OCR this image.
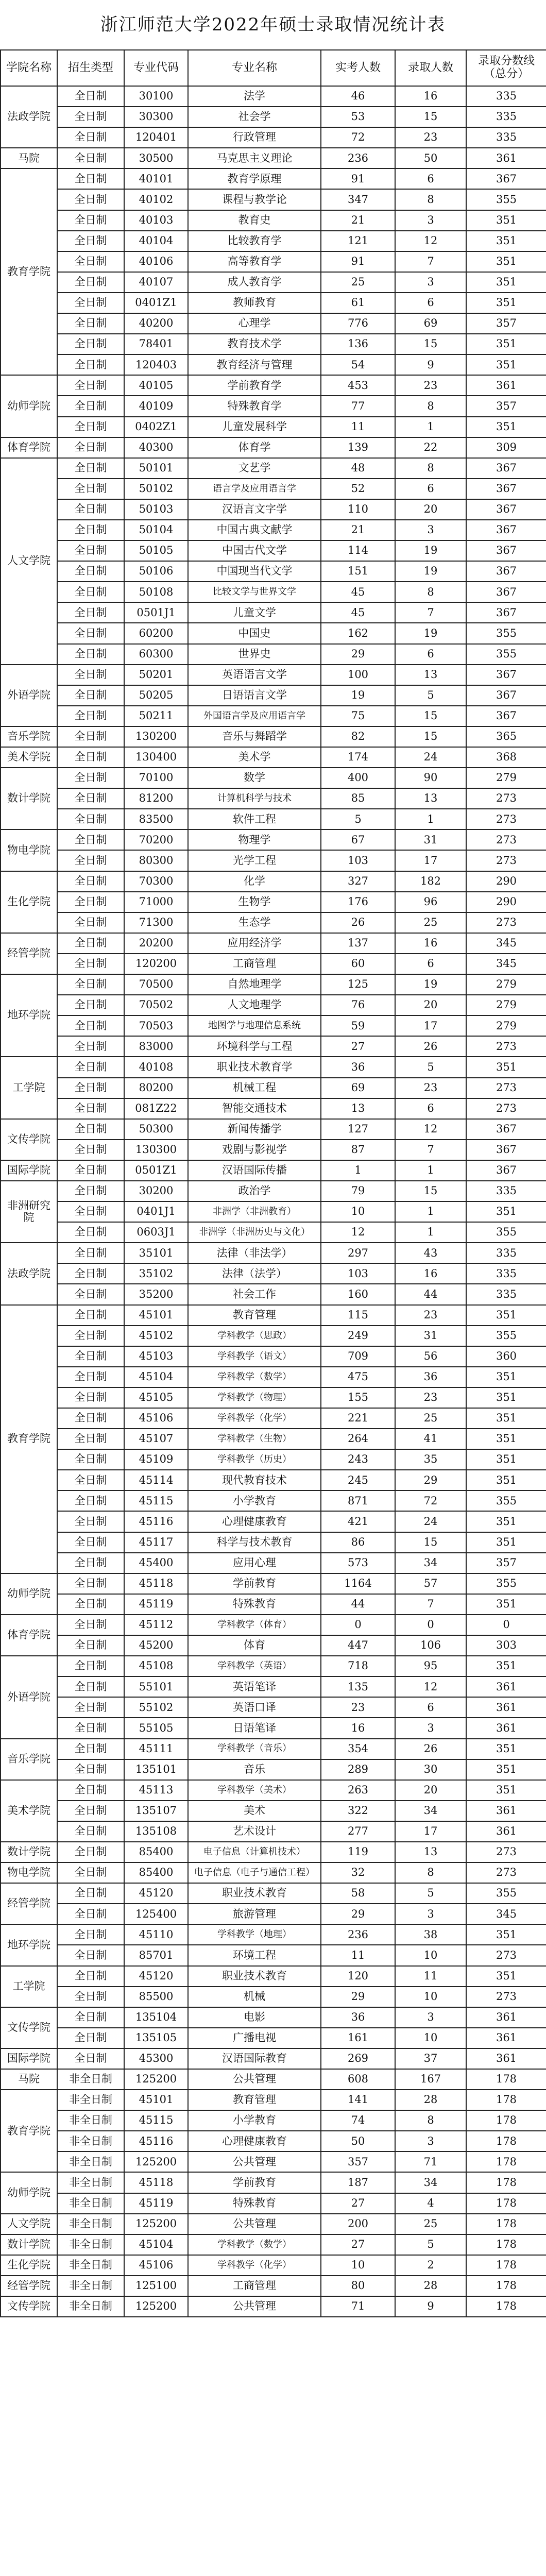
浙江师范大学2022年硕士录取情况统计表
学院名称	招生类型	专业代码	专业名称	实考人数	录取人数	录取分数线（总分）
法政学院	全日制	30100	法学	46	16	335
	全日制	30300	社会学	53	15	335
	全日制	120401	行政管理	72	23	335
马院	全日制	30500	马克思主义理论	236	50	361
教育学院	全日制	40101	教育学原理	91	6	367
	全日制	40102	课程与教学论	347	8	355
	全日制	40103	教育史	21	3	351
	全日制	40104	比较教育学	121	12	351
	全日制	40106	高等教育学	91	7	351
	全日制	40107	成人教育学	25	3	351
	全日制	0401Z1	教师教育	61	6	351
	全日制	40200	心理学	776	69	357
	全日制	78401	教育技术学	136	15	351
	全日制	120403	教育经济与管理	54	9	351
幼师学院	全日制	40105	学前教育学	453	23	361
	全日制	40109	特殊教育学	77	8	357
	全日制	0402Z1	儿童发展科学	11	1	351
体育学院	全日制	40300	体育学	139	22	309
人文学院	全日制	50101	文艺学	48	8	367
	全日制	50102	语言学及应用语言学	52	6	367
	全日制	50103	汉语言文字学	110	20	367
	全日制	50104	中国古典文献学	21	3	367
	全日制	50105	中国古代文学	114	19	367
	全日制	50106	中国现当代文学	151	19	367
	全日制	50108	比较文学与世界文学	45	8	367
	全日制	0501J1	儿童文学	45	7	367
	全日制	60200	中国史	162	19	355
	全日制	60300	世界史	29	6	355
外语学院	全日制	50201	英语语言文学	100	13	367
	全日制	50205	日语语言文学	19	5	367
	全日制	50211	外国语言学及应用语言学	75	15	367
音乐学院	全日制	130200	音乐与舞蹈学	82	15	365
美术学院	全日制	130400	美术学	174	24	368
数计学院	全日制	70100	数学	400	90	279
	全日制	81200	计算机科学与技术	85	13	273
	全日制	83500	软件工程	5	1	273
物电学院	全日制	70200	物理学	67	31	273
	全日制	80300	光学工程	103	17	273
生化学院	全日制	70300	化学	327	182	290
	全日制	71000	生物学	176	96	290
	全日制	71300	生态学	26	25	273
经管学院	全日制	20200	应用经济学	137	16	345
	全日制	120200	工商管理	60	6	345
地环学院	全日制	70500	自然地理学	125	19	279
	全日制	70502	人文地理学	76	20	279
	全日制	70503	地图学与地理信息系统	59	17	279
	全日制	83000	环境科学与工程	27	26	273
工学院	全日制	40108	职业技术教育学	36	5	351
	全日制	80200	机械工程	69	23	273
	全日制	081Z22	智能交通技术	13	6	273
文传学院	全日制	50300	新闻传播学	127	12	367
	全日制	130300	戏剧与影视学	87	7	367
国际学院	全日制	0501Z1	汉语国际传播	1	1	367
非洲研究院	全日制	30200	政治学	79	15	335
	全日制	0401J1	非洲学（非洲教育）	10	1	351
	全日制	0603J1	非洲学（非洲历史与文化）	12	1	355
法政学院	全日制	35101	法律（非法学）	297	43	335
	全日制	35102	法律（法学）	103	16	335
	全日制	35200	社会工作	160	44	335
教育学院	全日制	45101	教育管理	115	23	351
	全日制	45102	学科教学（思政）	249	31	355
	全日制	45103	学科教学（语文）	709	56	360
	全日制	45104	学科教学（数学）	475	36	351
	全日制	45105	学科教学（物理）	155	23	351
	全日制	45106	学科教学（化学）	221	25	351
	全日制	45107	学科教学（生物）	264	41	351
	全日制	45109	学科教学（历史）	243	35	351
	全日制	45114	现代教育技术	245	29	351
	全日制	45115	小学教育	871	72	355
	全日制	45116	心理健康教育	421	24	351
	全日制	45117	科学与技术教育	86	15	351
	全日制	45400	应用心理	573	34	357
幼师学院	全日制	45118	学前教育	1164	57	355
	全日制	45119	特殊教育	44	7	351
体育学院	全日制	45112	学科教学（体育）	0	0	0
	全日制	45200	体育	447	106	303
外语学院	全日制	45108	学科教学（英语）	718	95	351
	全日制	55101	英语笔译	135	12	361
	全日制	55102	英语口译	23	6	361
	全日制	55105	日语笔译	16	3	361
音乐学院	全日制	45111	学科教学（音乐）	354	26	351
	全日制	135101	音乐	289	30	351
美术学院	全日制	45113	学科教学（美术）	263	20	351
	全日制	135107	美术	322	34	361
	全日制	135108	艺术设计	277	17	361
数计学院	全日制	85400	电子信息（计算机技术）	119	13	273
物电学院	全日制	85400	电子信息（电子与通信工程）	32	8	273
经管学院	全日制	45120	职业技术教育	58	5	355
	全日制	125400	旅游管理	29	3	345
地环学院	全日制	45110	学科教学（地理）	236	38	351
	全日制	85701	环境工程	11	10	273
工学院	全日制	45120	职业技术教育	120	11	351
	全日制	85500	机械	29	10	273
文传学院	全日制	135104	电影	36	3	361
	全日制	135105	广播电视	161	10	361
国际学院	全日制	45300	汉语国际教育	269	37	361
马院	非全日制	125200	公共管理	608	167	178
教育学院	非全日制	45101	教育管理	141	28	178
	非全日制	45115	小学教育	74	8	178
	非全日制	45116	心理健康教育	50	3	178
	非全日制	125200	公共管理	357	71	178
幼师学院	非全日制	45118	学前教育	187	34	178
	非全日制	45119	特殊教育	27	4	178
人文学院	非全日制	125200	公共管理	200	25	178
数计学院	非全日制	45104	学科教学（数学）	27	5	178
生化学院	非全日制	45106	学科教学（化学）	10	2	178
经管学院	非全日制	125100	工商管理	80	28	178
文传学院	非全日制	125200	公共管理	71	9	178
